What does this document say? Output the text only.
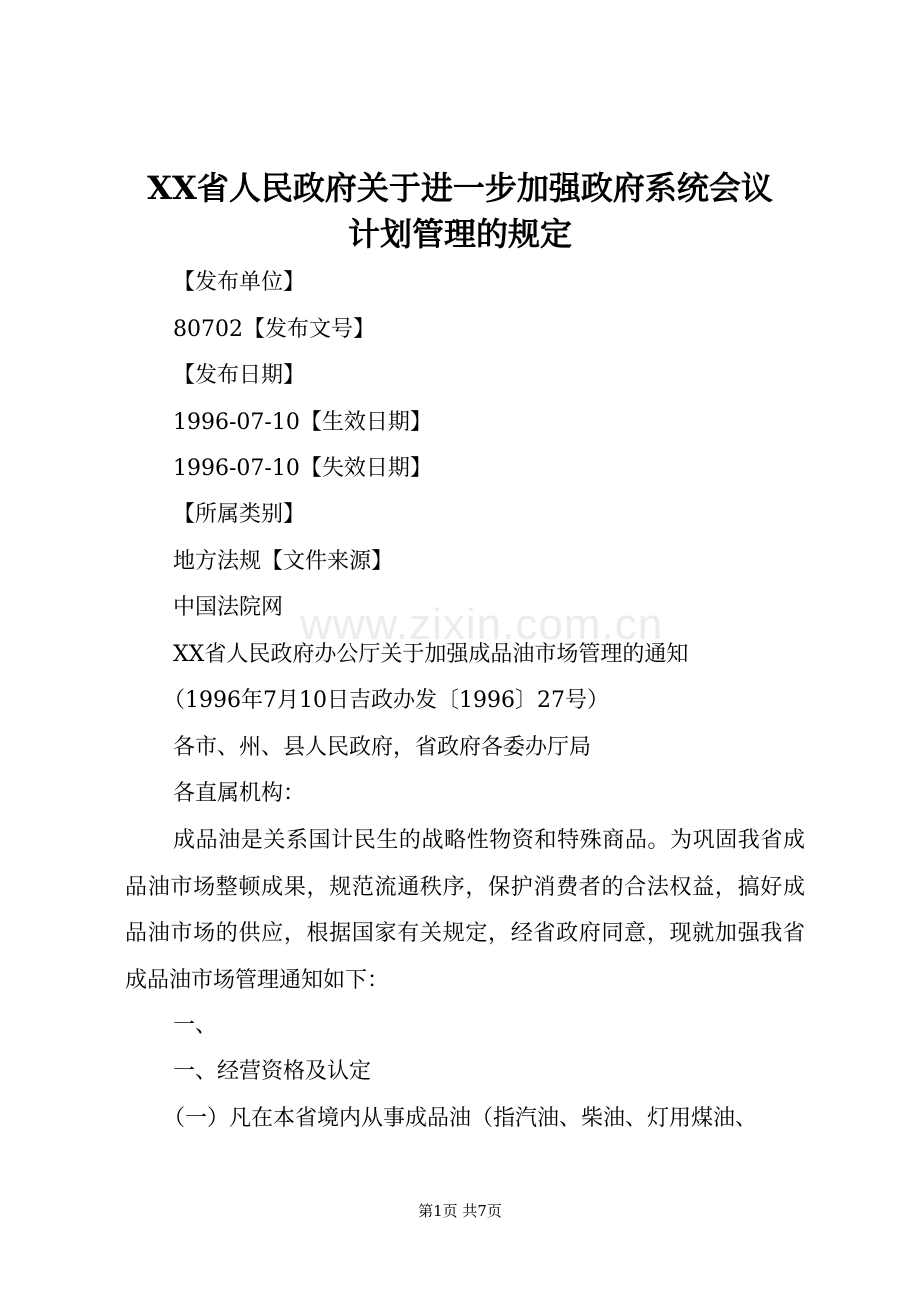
XX省人民政府关于进一步加强政府系统会议
计划管理的规定
【发布单位】
80702【发布文号】
【发布日期】
1996-07-10【生效日期】
1996-07-10【失效日期】
【所属类别】
地方法规【文件来源】
中国法院网
XX省人民政府办公厅关于加强成品油市场管理的通知
（1996年7月10日吉政办发〔1996〕27号）
各市、州、县人民政府，省政府各委办厅局
各直属机构：
成品油是关系国计民生的战略性物资和特殊商品。为巩固我省成品油市场整顿成果，规范流通秩序，保护消费者的合法权益，搞好成品油市场的供应，根据国家有关规定，经省政府同意，现就加强我省成品油市场管理通知如下：
一、
一、经营资格及认定
（一）凡在本省境内从事成品油（指汽油、柴油、灯用煤油、
www.zixin.com.cn
第1页 共7页
